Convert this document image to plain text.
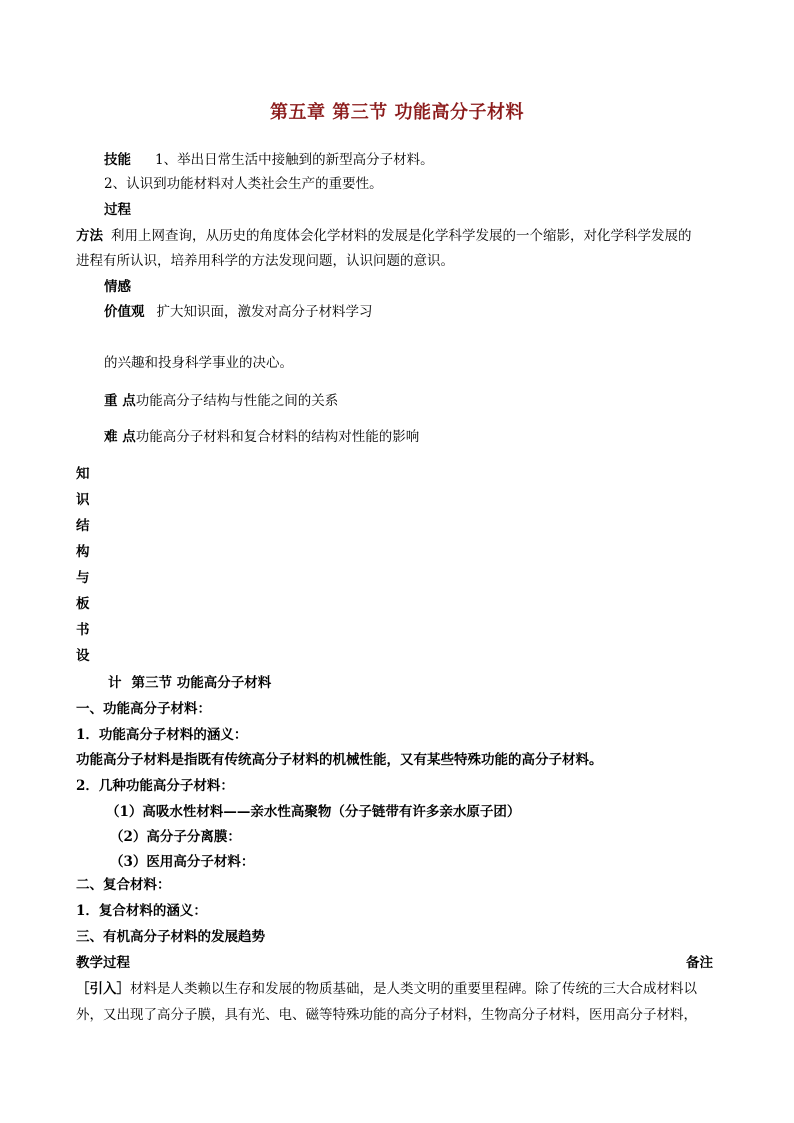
第五章 第三节 功能高分子材料
技能 1、举出日常生活中接触到的新型高分子材料。
2、认识到功能材料对人类社会生产的重要性。
过程
方法 利用上网查询，从历史的角度体会化学材料的发展是化学科学发展的一个缩影，对化学科学发展的
进程有所认识，培养用科学的方法发现问题，认识问题的意识。
情感
价值观 扩大知识面，激发对高分子材料学习
的兴趣和投身科学事业的决心。
重 点功能高分子结构与性能之间的关系
难 点功能高分子材料和复合材料的结构对性能的影响
知
识
结
构
与
板
书
设
计 第三节 功能高分子材料
一、功能高分子材料：
1．功能高分子材料的涵义：
功能高分子材料是指既有传统高分子材料的机械性能，又有某些特殊功能的高分子材料。
2．几种功能高分子材料：
（1）高吸水性材料——亲水性高聚物（分子链带有许多亲水原子团）
（2）高分子分离膜：
（3）医用高分子材料：
二、复合材料：
1．复合材料的涵义：
三、有机高分子材料的发展趋势
教学过程	备注
［引入］材料是人类赖以生存和发展的物质基础，是人类文明的重要里程碑。除了传统的三大合成材料以
外，又出现了高分子膜，具有光、电、磁等特殊功能的高分子材料，生物高分子材料，医用高分子材料，
